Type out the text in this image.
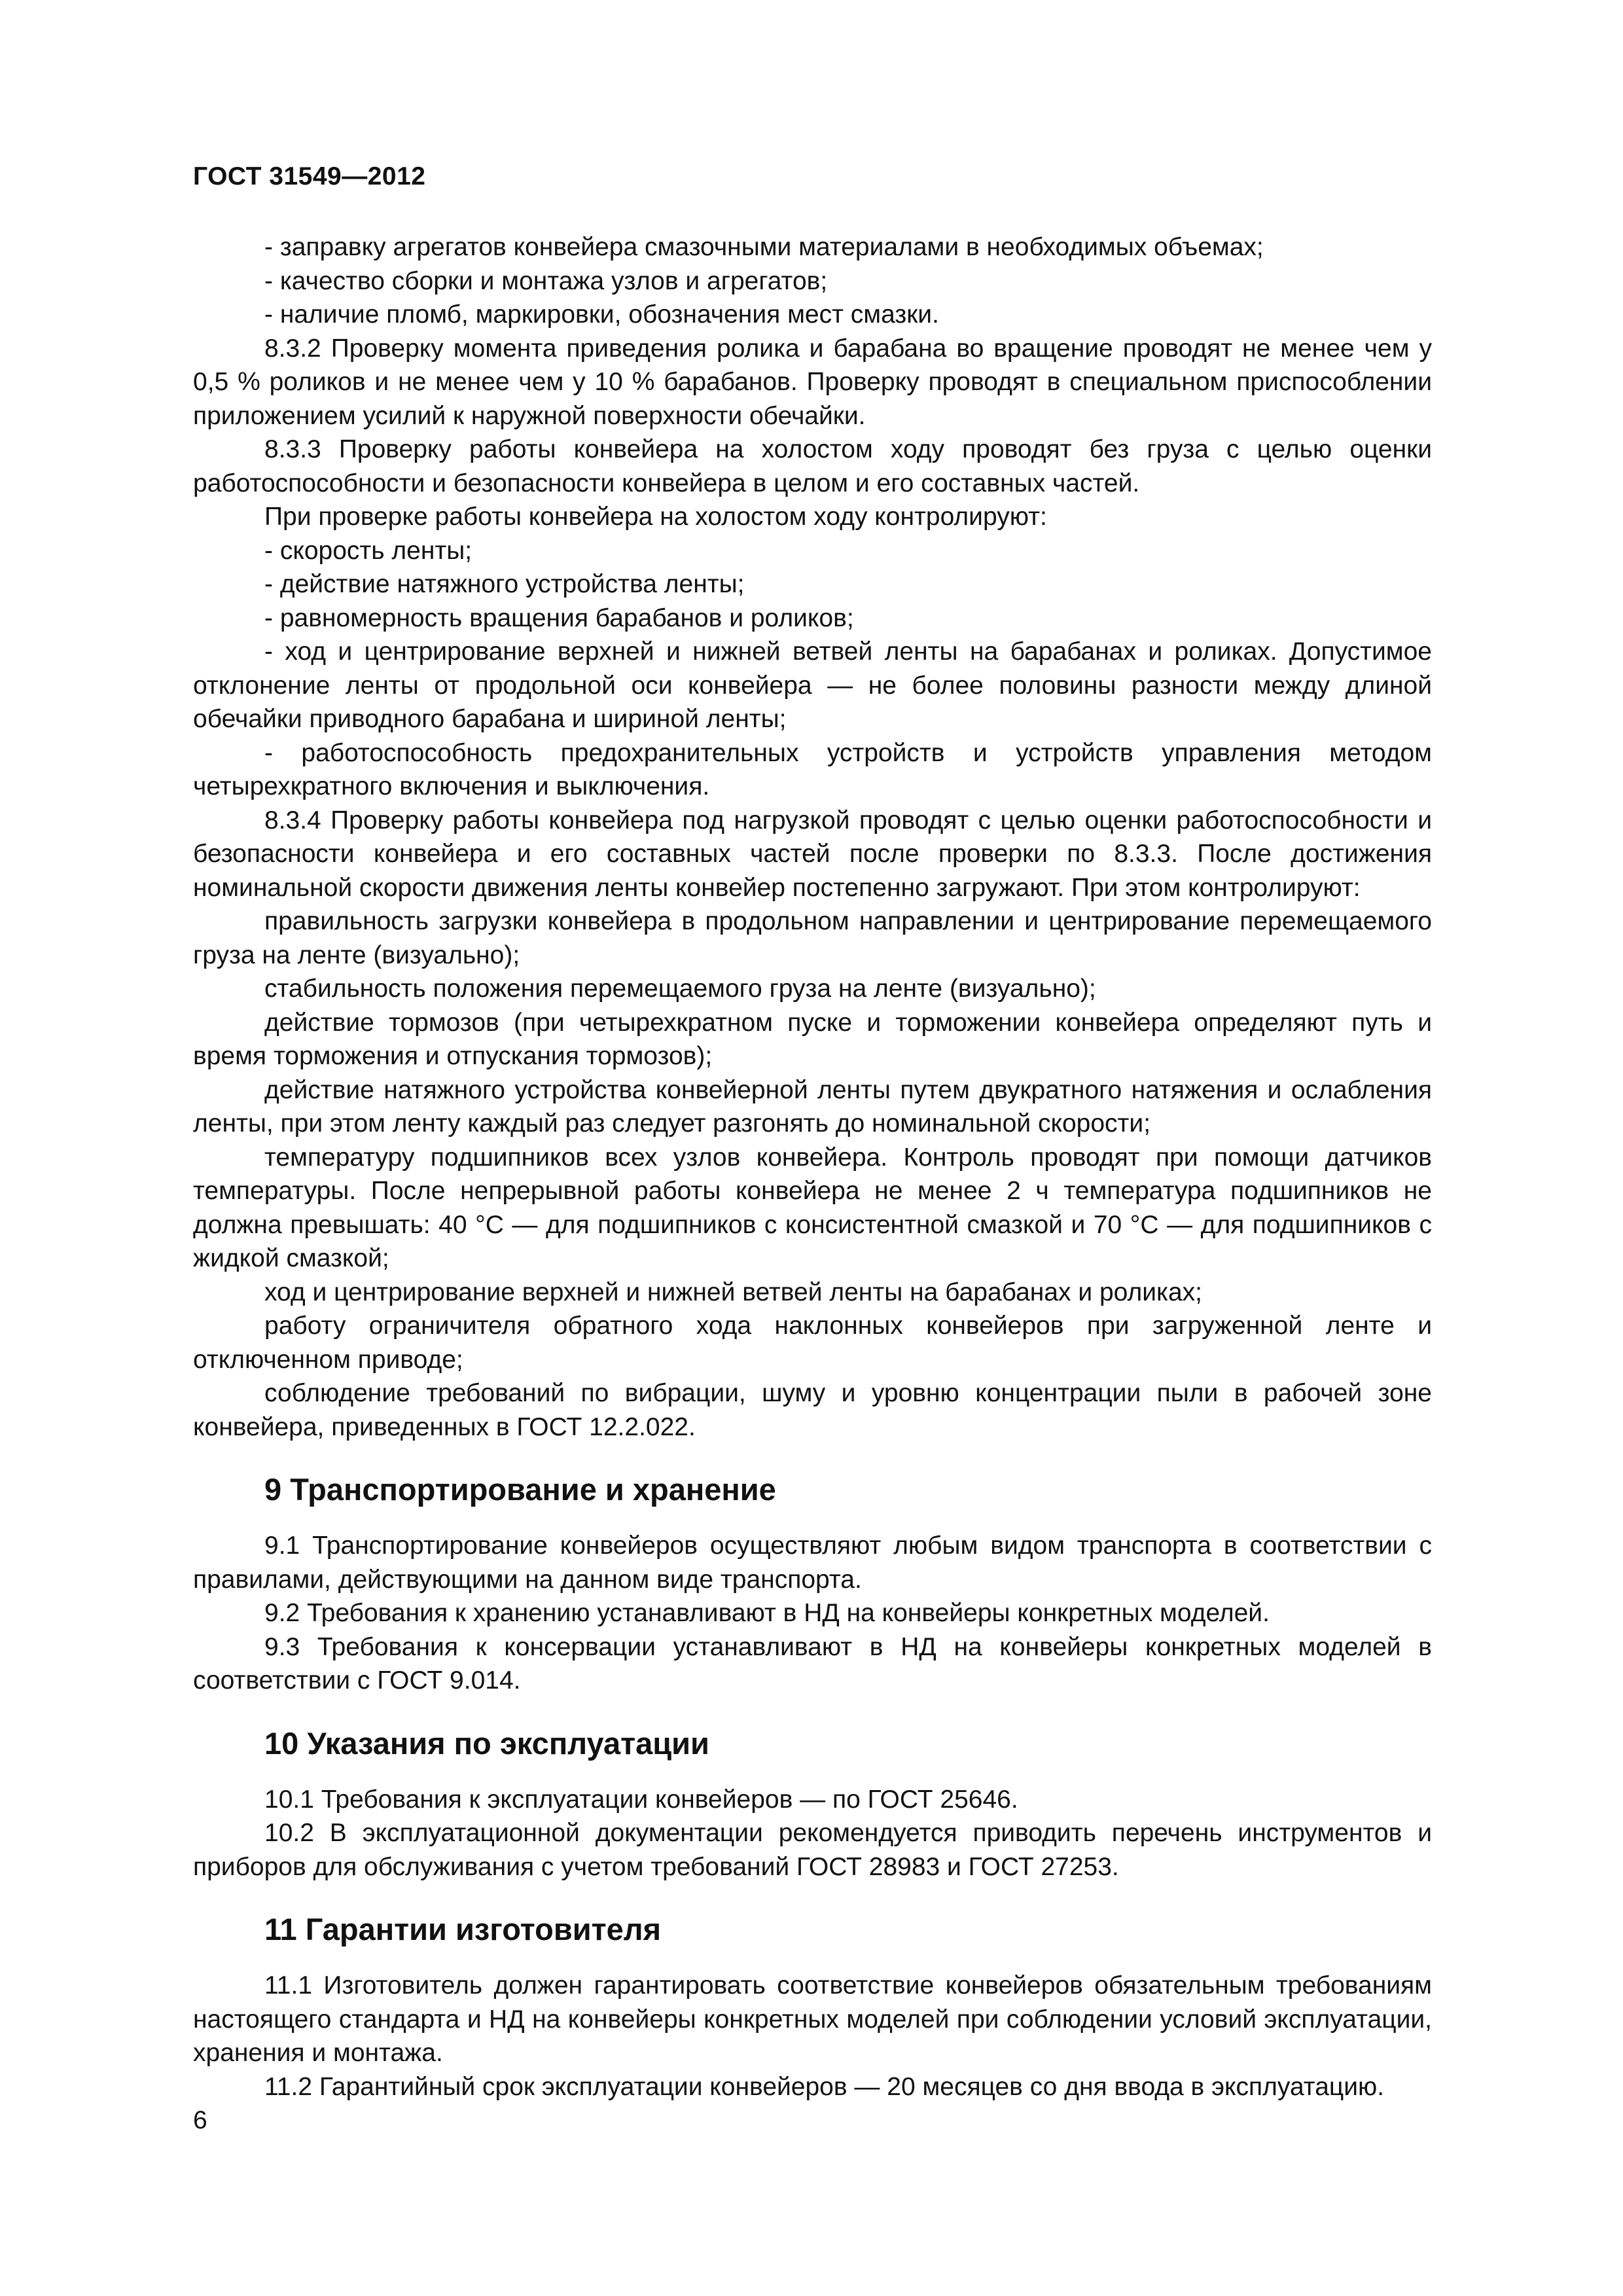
ГОСТ 31549—2012

- заправку агрегатов конвейера смазочными материалами в необходимых объемах;

- качество сборки и монтажа узлов и агрегатов;

- наличие пломб, маркировки, обозначения мест смазки.

8.3.2 Проверку момента приведения ролика и барабана во вращение проводят не менее чем у 0,5 % роликов и не менее чем у 10 % барабанов. Проверку проводят в специальном приспособлении приложением усилий к наружной поверхности обечайки.

8.3.3 Проверку работы конвейера на холостом ходу проводят без груза с целью оценки работоспособности и безопасности конвейера в целом и его составных частей.

При проверке работы конвейера на холостом ходу контролируют:

- скорость ленты;

- действие натяжного устройства ленты;

- равномерность вращения барабанов и роликов;

- ход и центрирование верхней и нижней ветвей ленты на барабанах и роликах. Допустимое отклонение ленты от продольной оси конвейера — не более половины разности между длиной обечайки приводного барабана и шириной ленты;

- работоспособность предохранительных устройств и устройств управления методом четырехкратного включения и выключения.

8.3.4 Проверку работы конвейера под нагрузкой проводят с целью оценки работоспособности и безопасности конвейера и его составных частей после проверки по 8.3.3. После достижения номинальной скорости движения ленты конвейер постепенно загружают. При этом контролируют:

правильность загрузки конвейера в продольном направлении и центрирование перемещаемого груза на ленте (визуально);

стабильность положения перемещаемого груза на ленте (визуально);

действие тормозов (при четырехкратном пуске и торможении конвейера определяют путь и время торможения и отпускания тормозов);

действие натяжного устройства конвейерной ленты путем двукратного натяжения и ослабления ленты, при этом ленту каждый раз следует разгонять до номинальной скорости;

температуру подшипников всех узлов конвейера. Контроль проводят при помощи датчиков температуры. После непрерывной работы конвейера не менее 2 ч температура подшипников не должна превышать: 40 °С — для подшипников с консистентной смазкой и 70 °С — для подшипников с жидкой смазкой;

ход и центрирование верхней и нижней ветвей ленты на барабанах и роликах;

работу ограничителя обратного хода наклонных конвейеров при загруженной ленте и отключенном приводе;

соблюдение требований по вибрации, шуму и уровню концентрации пыли в рабочей зоне конвейера, приведенных в ГОСТ 12.2.022.

9 Транспортирование и хранение

9.1 Транспортирование конвейеров осуществляют любым видом транспорта в соответствии с правилами, действующими на данном виде транспорта.

9.2 Требования к хранению устанавливают в НД на конвейеры конкретных моделей.

9.3 Требования к консервации устанавливают в НД на конвейеры конкретных моделей в соответствии с ГОСТ 9.014.

10 Указания по эксплуатации

10.1 Требования к эксплуатации конвейеров — по ГОСТ 25646.

10.2 В эксплуатационной документации рекомендуется приводить перечень инструментов и приборов для обслуживания с учетом требований ГОСТ 28983 и ГОСТ 27253.

11 Гарантии изготовителя

11.1 Изготовитель должен гарантировать соответствие конвейеров обязательным требованиям настоящего стандарта и НД на конвейеры конкретных моделей при соблюдении условий эксплуатации, хранения и монтажа.

11.2 Гарантийный срок эксплуатации конвейеров — 20 месяцев со дня ввода в эксплуатацию.

6
